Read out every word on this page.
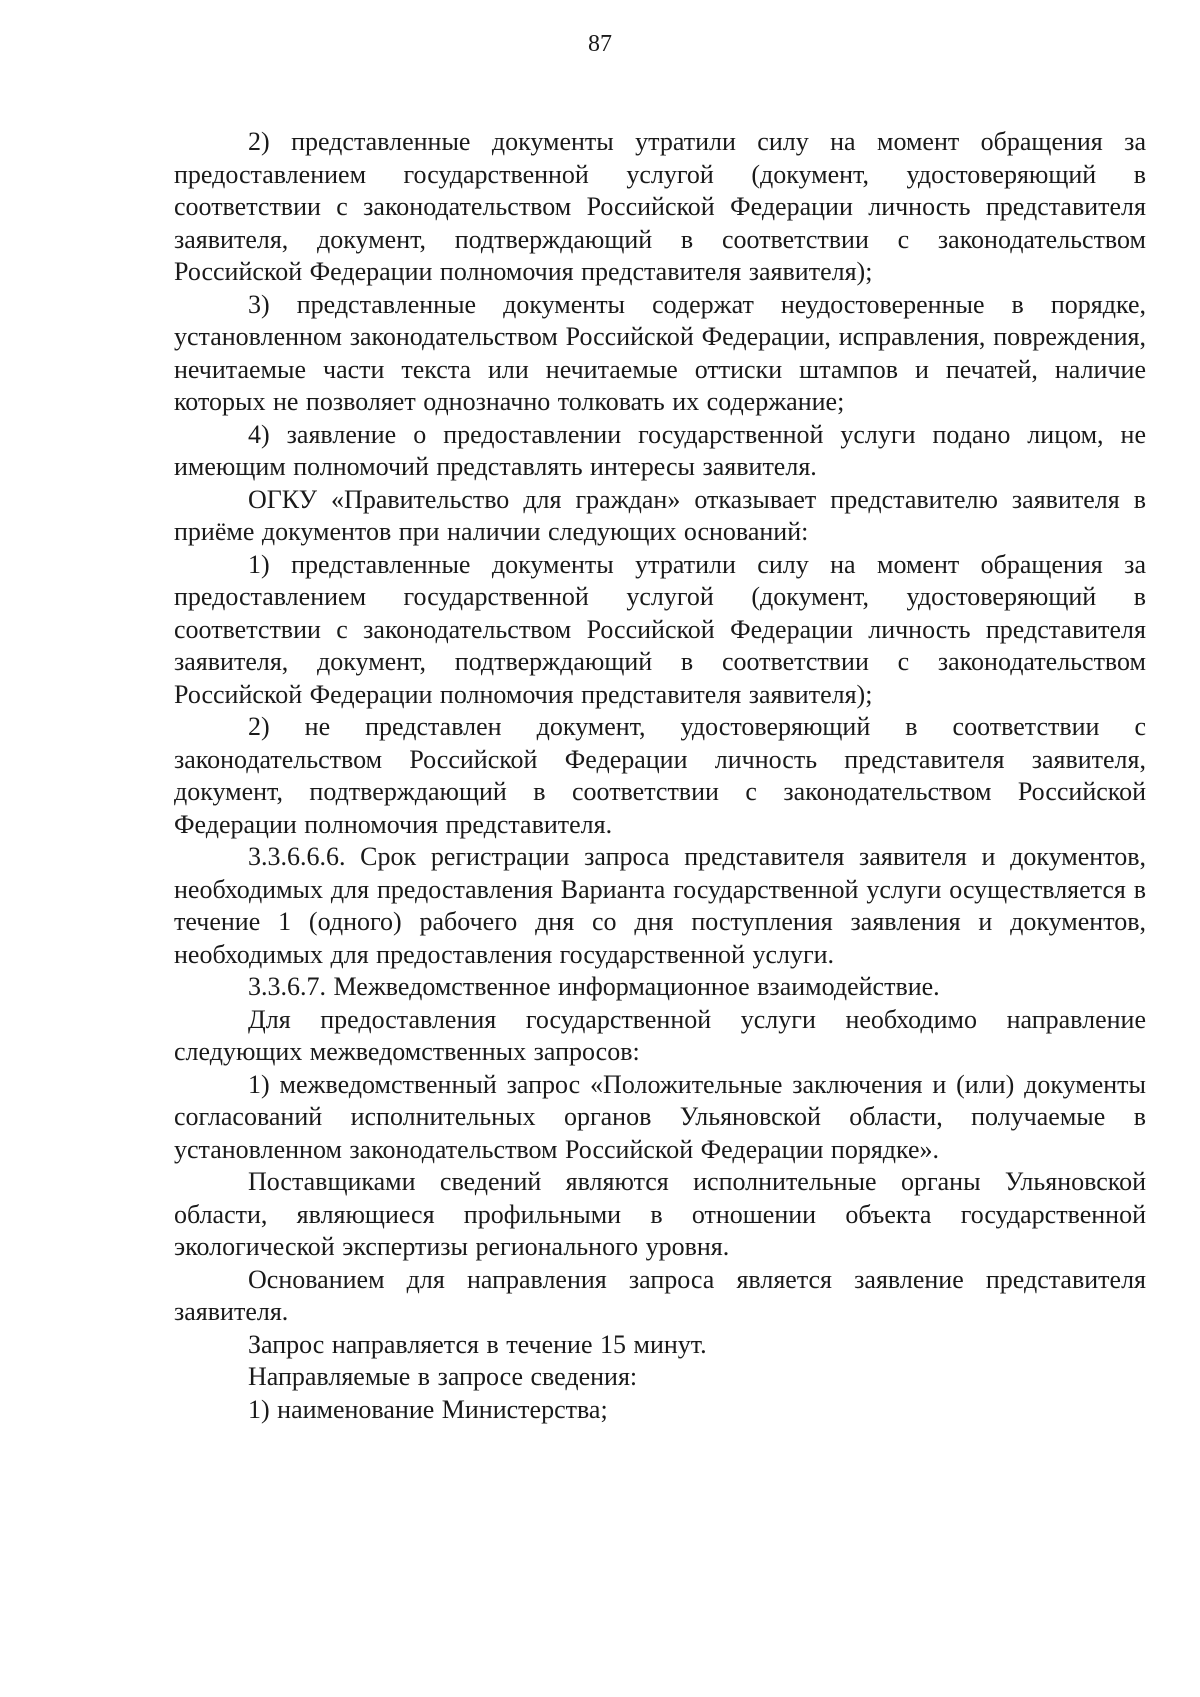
87

2) представленные документы утратили силу на момент обращения за предоставлением государственной услугой (документ, удостоверяющий в соответствии с законодательством Российской Федерации личность представителя заявителя, документ, подтверждающий в соответствии с законодательством Российской Федерации полномочия представителя заявителя);

3) представленные документы содержат неудостоверенные в порядке, установленном законодательством Российской Федерации, исправления, повреждения, нечитаемые части текста или нечитаемые оттиски штампов и печатей, наличие которых не позволяет однозначно толковать их содержание;

4) заявление о предоставлении государственной услуги подано лицом, не имеющим полномочий представлять интересы заявителя.

ОГКУ «Правительство для граждан» отказывает представителю заявителя в приёме документов при наличии следующих оснований:

1) представленные документы утратили силу на момент обращения за предоставлением государственной услугой (документ, удостоверяющий в соответствии с законодательством Российской Федерации личность представителя заявителя, документ, подтверждающий в соответствии с законодательством Российской Федерации полномочия представителя заявителя);

2) не представлен документ, удостоверяющий в соответствии с законодательством Российской Федерации личность представителя заявителя, документ, подтверждающий в соответствии с законодательством Российской Федерации полномочия представителя.

3.3.6.6.6. Срок регистрации запроса представителя заявителя и документов, необходимых для предоставления Варианта государственной услуги осуществляется в течение 1 (одного) рабочего дня со дня поступления заявления и документов, необходимых для предоставления государственной услуги.

3.3.6.7. Межведомственное информационное взаимодействие.

Для предоставления государственной услуги необходимо направление следующих межведомственных запросов:

1) межведомственный запрос «Положительные заключения и (или) документы согласований исполнительных органов Ульяновской области, получаемые в установленном законодательством Российской Федерации порядке».

Поставщиками сведений являются исполнительные органы Ульяновской области, являющиеся профильными в отношении объекта государственной экологической экспертизы регионального уровня.

Основанием для направления запроса является заявление представителя заявителя.

Запрос направляется в течение 15 минут.

Направляемые в запросе сведения:

1) наименование Министерства;
